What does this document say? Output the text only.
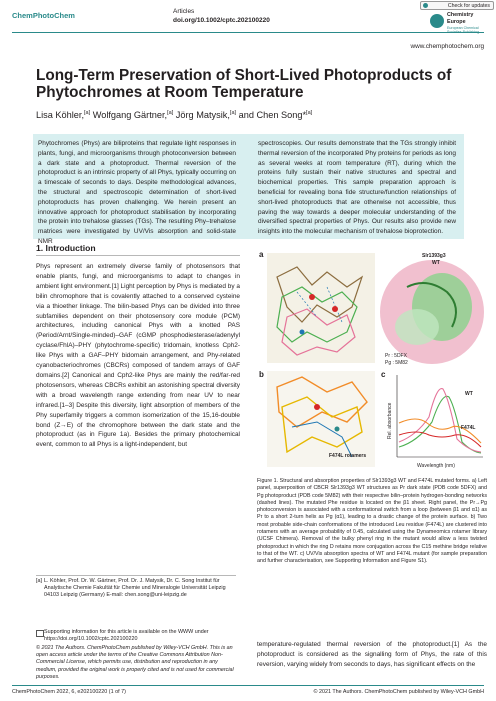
ChemPhotoChem	Articles
doi.org/10.1002/cptc.202100220
Check for updates
Chemistry
Europe
European Chemical
www.chemphotochem.org
Long-Term Preservation of Short-Lived Photoproducts of Phytochromes at Room Temperature
Lisa Köhler,[a] Wolfgang Gärtner,[a] Jörg Matysik,[a] and Chen Song*[a]
Phytochromes (Phys) are biliproteins that regulate light responses in plants, fungi, and microorganisms through photoconversion between a dark state and a photoproduct. Thermal reversion of the photoproduct is an intrinsic property of all Phys, typically occurring on a timescale of seconds to days. Despite methodological advances, the structural and spectroscopic determination of short-lived photoproducts has proven challenging. We herein present an innovative approach for photoproduct stabilisation by incorporating the protein into trehalose glasses (TGs). The resulting Phy–trehalose matrices were investigated by UV/Vis absorption and solid-state NMR
spectroscopies. Our results demonstrate that the TGs strongly inhibit thermal reversion of the incorporated Phy proteins for periods as long as several weeks at room temperature (RT), during which the proteins fully sustain their native structures and spectral and biochemical properties. This sample preparation approach is beneficial for revealing bona fide structure/function relationships of short-lived photoproducts that are otherwise not accessible, thus paving the way towards a deeper molecular understanding of the diversified spectral properties of Phys. Our results also provide new insights into the molecular mechanism of trehalose bioprotection.
1. Introduction

Phys represent an extremely diverse family of photosensors that enable plants, fungi, and microorganisms to adapt to changes in ambient light environment.[1] Light perception by Phys is mediated by a bilin chromophore that is covalently attached to a conserved cysteine via a thioether linkage. The bilin-based Phys can be divided into three subfamilies dependent on their photosensory core module (PCM) architectures, including canonical Phys with a knotted PAS (Period/Arnt/Single-minded)–GAF (cGMP phosphodiesterase/adenylyl cyclase/FhlA)–PHY (phytochrome-specific) tridomain, knotless Cph2-like Phys with a GAF–PHY bidomain arrangement, and Phy-related cyanobacteriochromes (CBCRs) composed of tandem arrays of GAF domains.[2] Canonical and Cph2-like Phys are mainly the red/far-red photosensors, whereas CBCRs exhibit an astonishing spectral diversity with a broad wavelength range extending from near UV to near infrared.[1–3] Despite this diversity, light absorption of members of the Phy superfamily triggers a common isomerization of the 15,16-double bond (Z→E) of the chromophore between the dark state and the photoproduct (as in Figure 1a). Besides the primary photochemical event, common to all Phys is a light-independent, but

a	Slr1393g3
WT
Pr : 5DFX
Pg : 5M82
b
F474L rotamers
c
WT
F474L
Rel. absorbance
Wavelength (nm)
Figure 1. Structural and absorption properties of Slr1393g3 WT and F474L mutated forms. a) Left panel, superposition of CBCR Slr1393g3 WT structures as Pr dark state (PDB code 5DFX) and Pg photoproduct (PDB code 5M82) with their respective bilin–protein hydrogen-bonding networks (dashed lines). The mutated Phe residue is located on the β1 sheet. Right panel, the Pr→Pg photoconversion is associated with a conformational switch from a loop (between β1 and α1) as Pr to a short 2-turn helix as Pg (α1), leading to a drastic change of the protein surface. b) Two most probable side-chain conformations of the introduced Leu residue (F474L) are clustered into rotamers with an average probability of 0.45, calculated using the Dynameomics rotamer library (UCSF Chimera). Removal of the bulky phenyl ring in the mutant would allow a less twisted photoproduct in which the ring D retains more conjugation across the C15 methine bridge relative to that of the WT. c) UV/Vis absorption spectra of WT and F474L mutant (for sample preparation and further characterisation, see Supporting Information and Figure S1).
[a] L. Köhler, Prof. Dr. W. Gärtner, Prof. Dr. J. Matysik, Dr. C. Song Institut für Analytische Chemie Fakultät für Chemie und Mineralogie Universität Leipzig 04103 Leipzig (Germany) E-mail: chen.song@uni-leipzig.de
Supporting information for this article is available on the WWW under https://doi.org/10.1002/cptc.202100220
© 2021 The Authors. ChemPhotoChem published by Wiley-VCH GmbH. This is an open access article under the terms of the Creative Commons Attribution Non-Commercial License, which permits use, distribution and reproduction in any medium, provided the original work is properly cited and is not used for commercial purposes.
temperature-regulated thermal reversion of the photoproduct.[1] As the photoproduct is considered as the signalling form of Phys, the rate of this reversion, varying widely from seconds to days, has significant effects on the
ChemPhotoChem 2022, 6, e202100220 (1 of 7)	© 2021 The Authors. ChemPhotoChem published by Wiley-VCH GmbH
